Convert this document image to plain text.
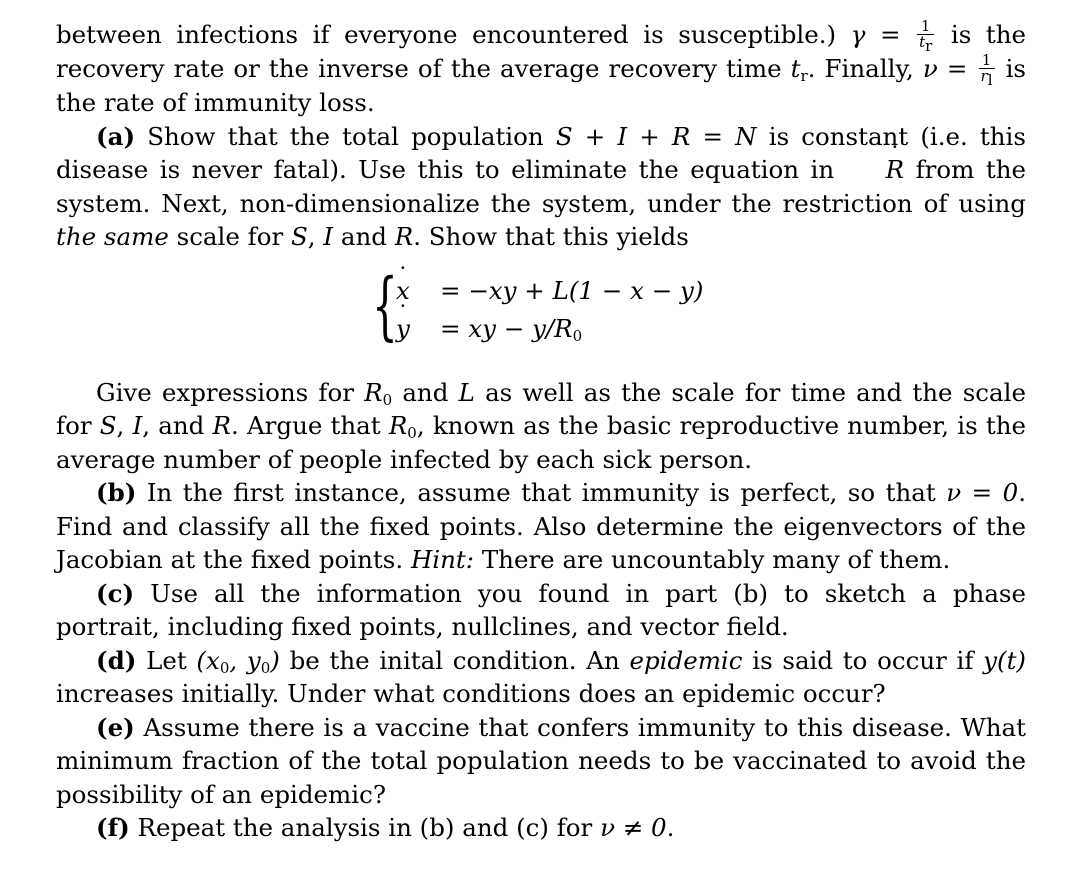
between infections if everyone encountered is susceptible.) $\gamma = \frac{1}{t_r}$ is the recovery rate or the inverse of the average recovery time $t_r$. Finally, $\nu = \frac{1}{r_l}$ is the rate of immunity loss.

(a) Show that the total population S + I + R = N is constant (i.e. this disease is never fatal). Use this to eliminate the equation in R ˙ from the system. Next, non-dimensionalize the system, under the restriction of using the same scale for S, I and R. Show that this yields

{
x ˙ = −xy + L(1 − x − y)
y ˙ = xy − $y/R_0$

Give expressions for $R_0$ and L as well as the scale for time and the scale for S, I, and R. Argue that $R_0$, known as the basic reproductive number, is the average number of people infected by each sick person.

(b) In the first instance, assume that immunity is perfect, so that ν = 0. Find and classify all the fixed points. Also determine the eigenvectors of the Jacobian at the fixed points. Hint: There are uncountably many of them.

(c) Use all the information you found in part (b) to sketch a phase portrait, including fixed points, nullclines, and vector field.

(d) Let ($x_0$, $y_0$) be the inital condition. An epidemic is said to occur if y(t) increases initially. Under what conditions does an epidemic occur?

(e) Assume there is a vaccine that confers immunity to this disease. What minimum fraction of the total population needs to be vaccinated to avoid the possibility of an epidemic?

(f) Repeat the analysis in (b) and (c) for ν ≠ 0.
